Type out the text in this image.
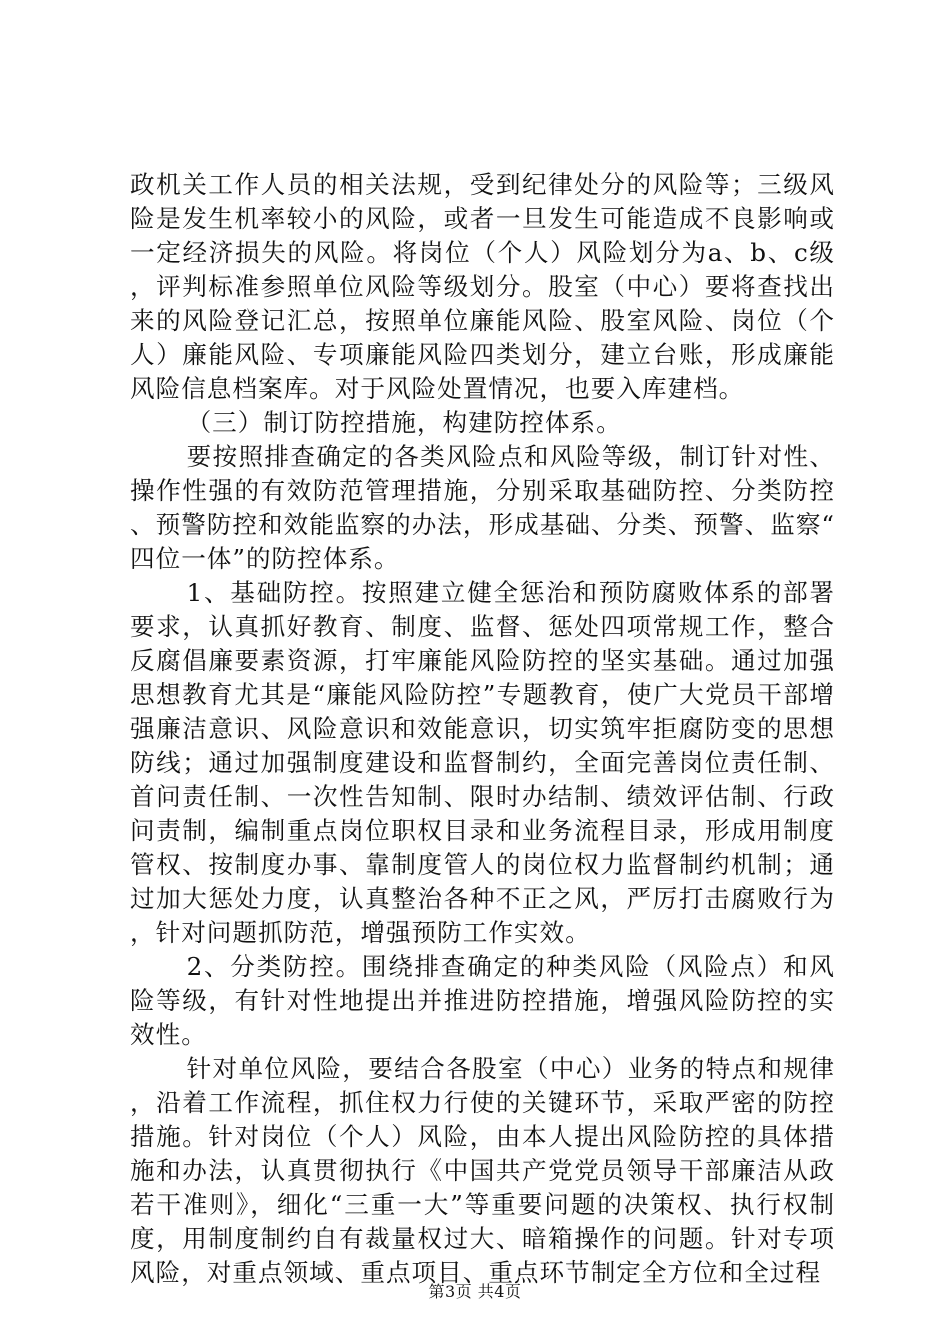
政机关工作人员的相关法规，受到纪律处分的风险等；三级风险是发生机率较小的风险，或者一旦发生可能造成不良影响或一定经济损失的风险。将岗位（个人）风险划分为a、b、c级，评判标准参照单位风险等级划分。股室（中心）要将查找出来的风险登记汇总，按照单位廉能风险、股室风险、岗位（个人）廉能风险、专项廉能风险四类划分，建立台账，形成廉能风险信息档案库。对于风险处置情况，也要入库建档。

（三）制订防控措施，构建防控体系。

要按照排查确定的各类风险点和风险等级，制订针对性、操作性强的有效防范管理措施，分别采取基础防控、分类防控、预警防控和效能监察的办法，形成基础、分类、预警、监察“四位一体”的防控体系。

1、基础防控。按照建立健全惩治和预防腐败体系的部署要求，认真抓好教育、制度、监督、惩处四项常规工作，整合反腐倡廉要素资源，打牢廉能风险防控的坚实基础。通过加强思想教育尤其是“廉能风险防控”专题教育，使广大党员干部增强廉洁意识、风险意识和效能意识，切实筑牢拒腐防变的思想防线；通过加强制度建设和监督制约，全面完善岗位责任制、首问责任制、一次性告知制、限时办结制、绩效评估制、行政问责制，编制重点岗位职权目录和业务流程目录，形成用制度管权、按制度办事、靠制度管人的岗位权力监督制约机制；通过加大惩处力度，认真整治各种不正之风，严厉打击腐败行为，针对问题抓防范，增强预防工作实效。

2、分类防控。围绕排查确定的种类风险（风险点）和风险等级，有针对性地提出并推进防控措施，增强风险防控的实效性。

针对单位风险，要结合各股室（中心）业务的特点和规律，沿着工作流程，抓住权力行使的关键环节，采取严密的防控措施。针对岗位（个人）风险，由本人提出风险防控的具体措施和办法，认真贯彻执行《中国共产党党员领导干部廉洁从政若干准则》，细化“三重一大”等重要问题的决策权、执行权制度，用制度制约自有裁量权过大、暗箱操作的问题。针对专项风险，对重点领域、重点项目、重点环节制定全方位和全过程

第3页 共4页
